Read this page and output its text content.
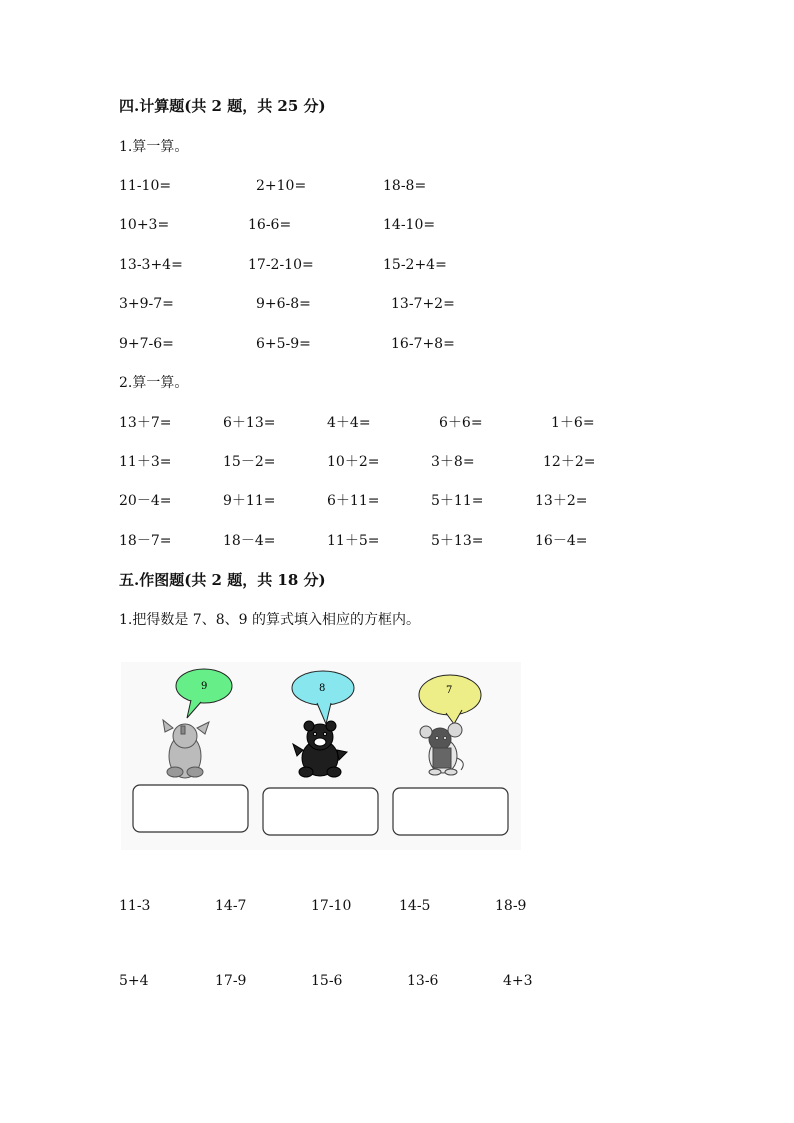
四.计算题(共 2 题，共 25 分)
1.算一算。
11-10=	2+10=	18-8=
10+3=	16-6=	14-10=
13-3+4=	17-2-10=	15-2+4=
3+9-7=	9+6-8=	13-7+2=
9+7-6=	6+5-9=	16-7+8=
2.算一算。
13＋7=	6＋13=	4＋4=	6＋6=	1＋6=
11＋3=	15－2=	10＋2=	3＋8=	12＋2=
20－4=	9＋11=	6＋11=	5＋11=	13＋2=
18－7=	18－4=	11＋5=	5＋13=	16－4=
五.作图题(共 2 题，共 18 分)
1.把得数是 7、8、9 的算式填入相应的方框内。
9	8	7
11-3	14-7	17-10	14-5	18-9
5+4	17-9	15-6	13-6	4+3
